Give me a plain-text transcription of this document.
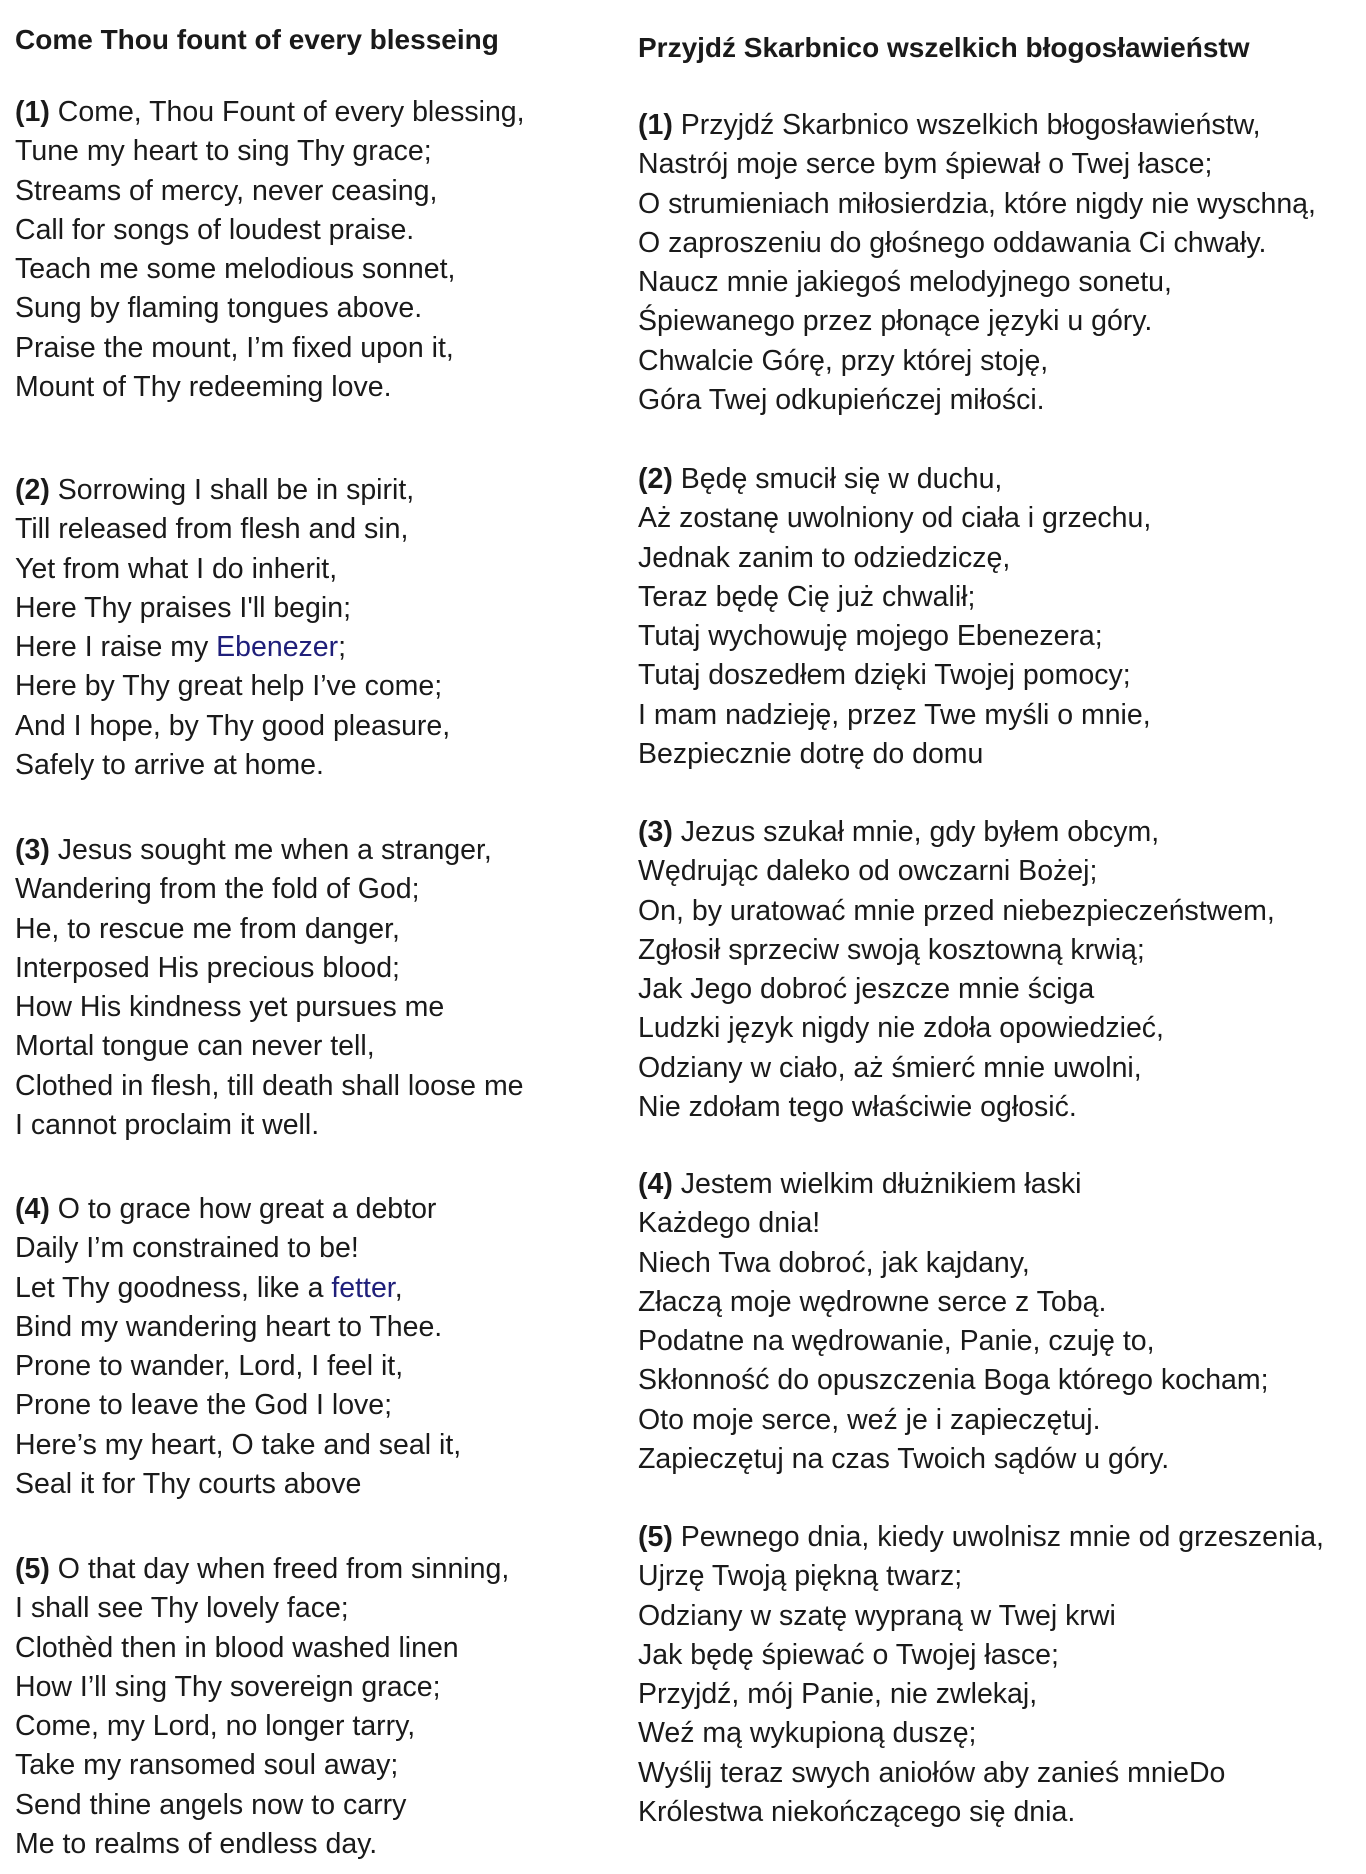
Come Thou fount of every blesseing
(1) Come, Thou Fount of every blessing,
Tune my heart to sing Thy grace;
Streams of mercy, never ceasing,
Call for songs of loudest praise.
Teach me some melodious sonnet,
Sung by flaming tongues above.
Praise the mount, I’m fixed upon it,
Mount of Thy redeeming love.
(2) Sorrowing I shall be in spirit,
Till released from flesh and sin,
Yet from what I do inherit,
Here Thy praises I'll begin;
Here I raise my Ebenezer;
Here by Thy great help I’ve come;
And I hope, by Thy good pleasure,
Safely to arrive at home.
(3) Jesus sought me when a stranger,
Wandering from the fold of God;
He, to rescue me from danger,
Interposed His precious blood;
How His kindness yet pursues me
Mortal tongue can never tell,
Clothed in flesh, till death shall loose me
I cannot proclaim it well.
(4) O to grace how great a debtor
Daily I’m constrained to be!
Let Thy goodness, like a fetter,
Bind my wandering heart to Thee.
Prone to wander, Lord, I feel it,
Prone to leave the God I love;
Here’s my heart, O take and seal it,
Seal it for Thy courts above
(5) O that day when freed from sinning,
I shall see Thy lovely face;
Clothèd then in blood washed linen
How I’ll sing Thy sovereign grace;
Come, my Lord, no longer tarry,
Take my ransomed soul away;
Send thine angels now to carry
Me to realms of endless day.
Przyjdź Skarbnico wszelkich błogosławieństw
(1) Przyjdź Skarbnico wszelkich błogosławieństw,
Nastrój moje serce bym śpiewał o Twej łasce;
O strumieniach miłosierdzia, które nigdy nie wyschną,
O zaproszeniu do głośnego oddawania Ci chwały.
Naucz mnie jakiegoś melodyjnego sonetu,
Śpiewanego przez płonące języki u góry.
Chwalcie Górę, przy której stoję,
Góra Twej odkupieńczej miłości.
(2) Będę smucił się w duchu,
Aż zostanę uwolniony od ciała i grzechu,
Jednak zanim to odziedziczę,
Teraz będę Cię już chwalił;
Tutaj wychowuję mojego Ebenezera;
Tutaj doszedłem dzięki Twojej pomocy;
I mam nadzieję, przez Twe myśli o mnie,
Bezpiecznie dotrę do domu
(3) Jezus szukał mnie, gdy byłem obcym,
Wędrując daleko od owczarni Bożej;
On, by uratować mnie przed niebezpieczeństwem,
Zgłosił sprzeciw swoją kosztowną krwią;
Jak Jego dobroć jeszcze mnie ściga
Ludzki język nigdy nie zdoła opowiedzieć,
Odziany w ciało, aż śmierć mnie uwolni,
Nie zdołam tego właściwie ogłosić.
(4) Jestem wielkim dłużnikiem łaski
Każdego dnia!
Niech Twa dobroć, jak kajdany,
Złaczą moje wędrowne serce z Tobą.
Podatne na wędrowanie, Panie, czuję to,
Skłonność do opuszczenia Boga którego kocham;
Oto moje serce, weź je i zapieczętuj.
Zapieczętuj na czas Twoich sądów u góry.
(5) Pewnego dnia, kiedy uwolnisz mnie od grzeszenia,
Ujrzę Twoją piękną twarz;
Odziany w szatę wypraną w Twej krwi
Jak będę śpiewać o Twojej łasce;
Przyjdź, mój Panie, nie zwlekaj,
Weź mą wykupioną duszę;
Wyślij teraz swych aniołów aby zanieś mnieDo
Królestwa niekończącego się dnia.
